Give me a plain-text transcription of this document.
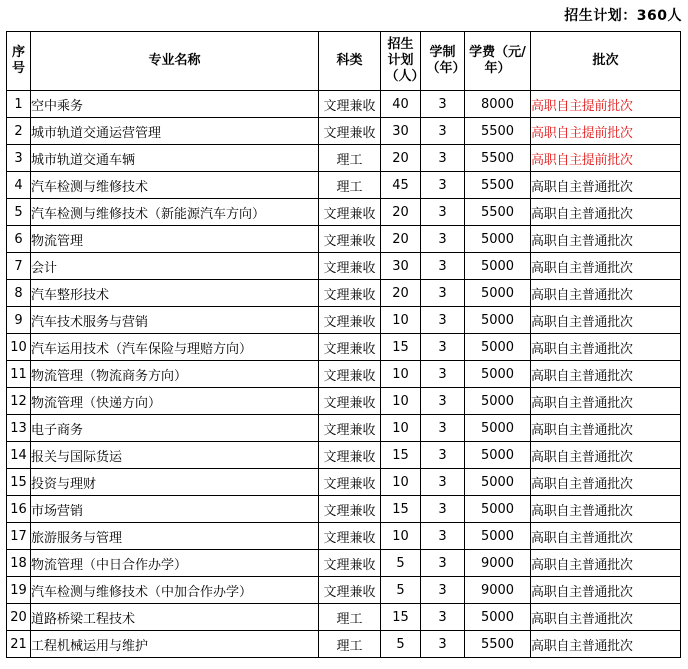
招生计划：360人
序号	专业名称	科类	招生计划（人）	学制（年）	学费（元/年）	批次
1	空中乘务	文理兼收	40	3	8000	高职自主提前批次
2	城市轨道交通运营管理	文理兼收	30	3	5500	高职自主提前批次
3	城市轨道交通车辆	理工	20	3	5500	高职自主提前批次
4	汽车检测与维修技术	理工	45	3	5500	高职自主普通批次
5	汽车检测与维修技术（新能源汽车方向）	文理兼收	20	3	5500	高职自主普通批次
6	物流管理	文理兼收	20	3	5000	高职自主普通批次
7	会计	文理兼收	30	3	5000	高职自主普通批次
8	汽车整形技术	文理兼收	20	3	5000	高职自主普通批次
9	汽车技术服务与营销	文理兼收	10	3	5000	高职自主普通批次
10	汽车运用技术（汽车保险与理赔方向）	文理兼收	15	3	5000	高职自主普通批次
11	物流管理（物流商务方向）	文理兼收	10	3	5000	高职自主普通批次
12	物流管理（快递方向）	文理兼收	10	3	5000	高职自主普通批次
13	电子商务	文理兼收	10	3	5000	高职自主普通批次
14	报关与国际货运	文理兼收	15	3	5000	高职自主普通批次
15	投资与理财	文理兼收	10	3	5000	高职自主普通批次
16	市场营销	文理兼收	15	3	5000	高职自主普通批次
17	旅游服务与管理	文理兼收	10	3	5000	高职自主普通批次
18	物流管理（中日合作办学）	文理兼收	5	3	9000	高职自主普通批次
19	汽车检测与维修技术（中加合作办学）	文理兼收	5	3	9000	高职自主普通批次
20	道路桥梁工程技术	理工	15	3	5000	高职自主普通批次
21	工程机械运用与维护	理工	5	3	5500	高职自主普通批次
